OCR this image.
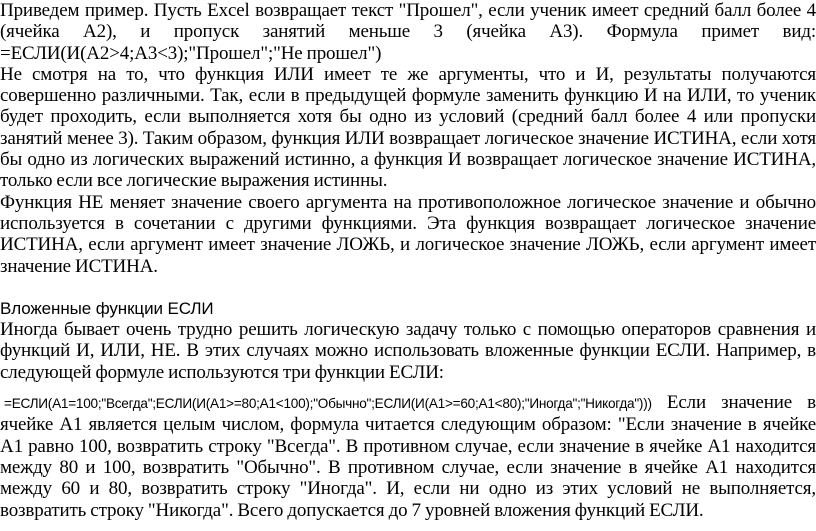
Приведем пример. Пусть Excel возвращает текст "Прошел", если ученик имеет средний балл более 4 (ячейка А2), и пропуск занятий меньше 3 (ячейка А3). Формула примет вид: =ЕСЛИ(И(А2>4;А3<3);"Прошел";"Не прошел")

Не смотря на то, что функция ИЛИ имеет те же аргументы, что и И, результаты получаются совершенно различными. Так, если в предыдущей формуле заменить функцию И на ИЛИ, то ученик будет проходить, если выполняется хотя бы одно из условий (средний балл более 4 или пропуски занятий менее 3). Таким образом, функция ИЛИ возвращает логическое значение ИСТИНА, если хотя бы одно из логических выражений истинно, а функция И возвращает логическое значение ИСТИНА, только если все логические выражения истинны.

Функция НЕ меняет значение своего аргумента на противоположное логическое значение и обычно используется в сочетании с другими функциями. Эта функция возвращает логическое значение ИСТИНА, если аргумент имеет значение ЛОЖЬ, и логическое значение ЛОЖЬ, если аргумент имеет значение ИСТИНА.

Вложенные функции ЕСЛИ

Иногда бывает очень трудно решить логическую задачу только с помощью операторов сравнения и функций И, ИЛИ, НЕ. В этих случаях можно использовать вложенные функции ЕСЛИ. Например, в следующей формуле используются три функции ЕСЛИ:

=ЕСЛИ(А1=100;"Всегда";ЕСЛИ(И(А1>=80;А1<100);"Обычно";ЕСЛИ(И(А1>=60;А1<80);"Иногда";"Никогда"))) Если значение в ячейке А1 является целым числом, формула читается следующим образом: "Если значение в ячейке А1 равно 100, возвратить строку "Всегда". В противном случае, если значение в ячейке А1 находится между 80 и 100, возвратить "Обычно". В противном случае, если значение в ячейке А1 находится между 60 и 80, возвратить строку "Иногда". И, если ни одно из этих условий не выполняется, возвратить строку "Никогда". Всего допускается до 7 уровней вложения функций ЕСЛИ.
